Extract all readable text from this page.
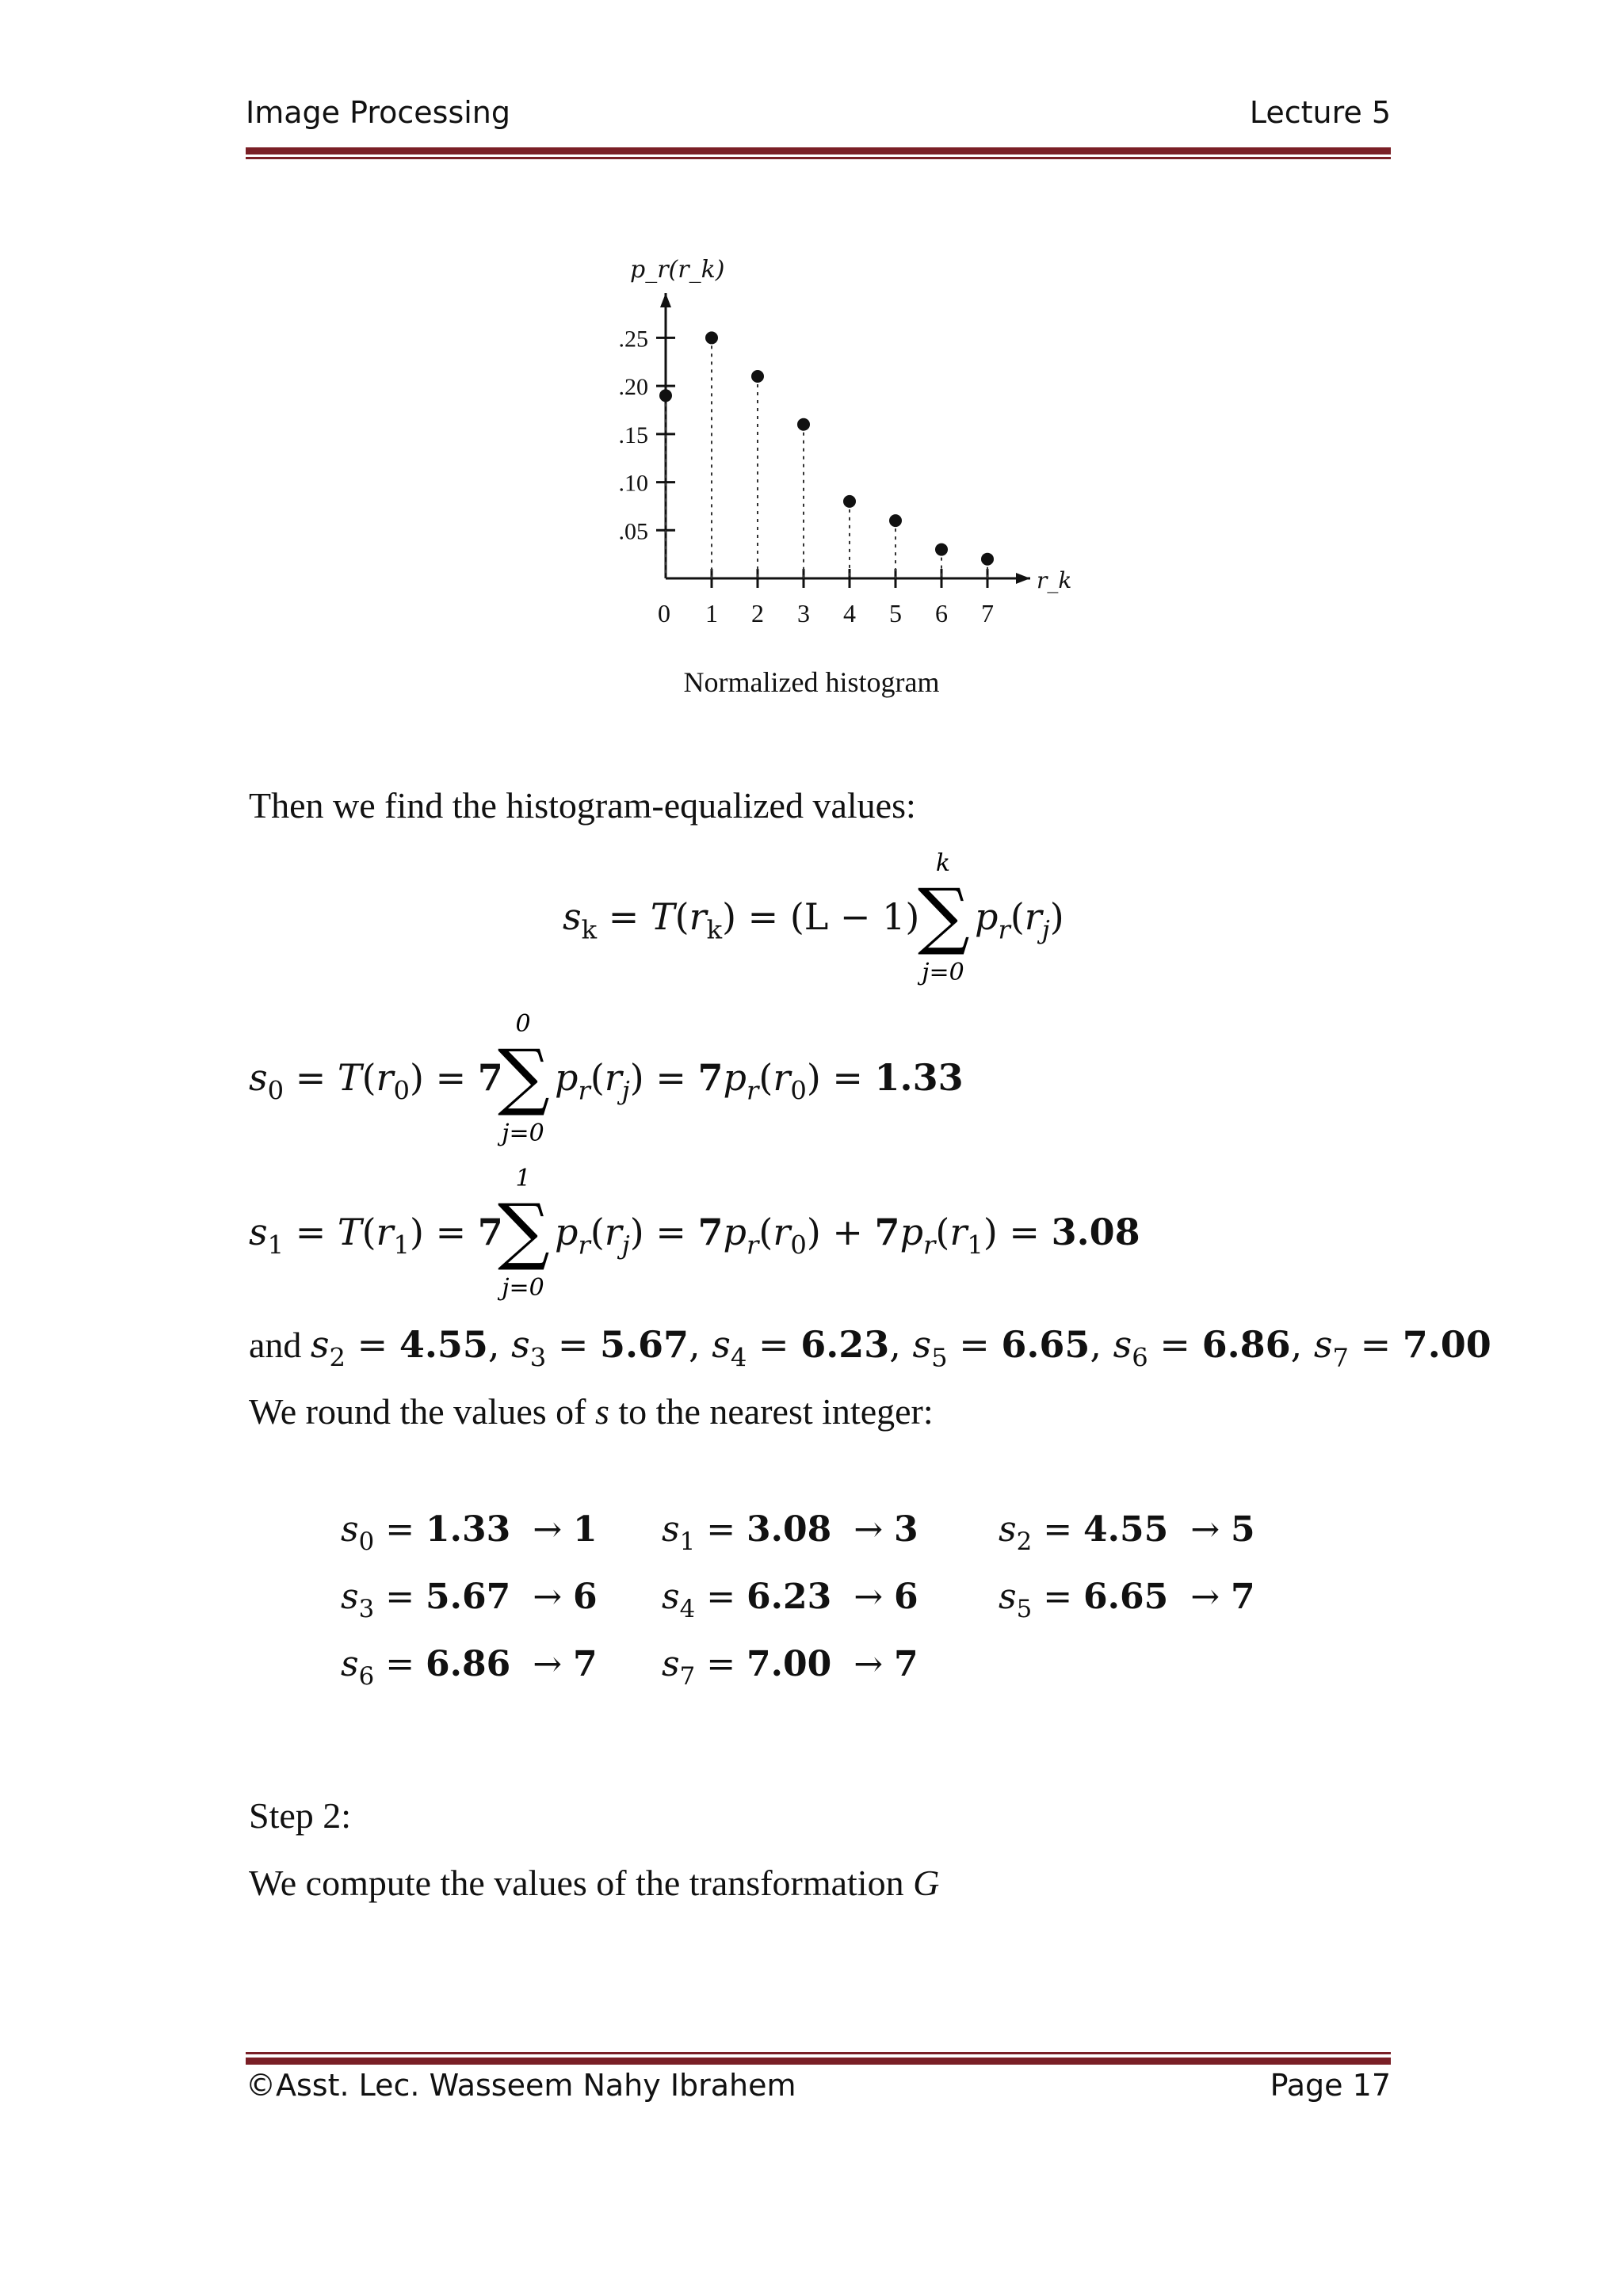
Image Processing	Lecture 5
.05
.10
.15
.20
.25
0 1 2 3 4 5 6 7
p_r(r_k)
r_k
Normalized histogram
Then we find the histogram-equalized values:
$s_k = T(r_k) = (L - 1)$
k
∑
j=0
$p_r(r_j)$
$s_0 = T(r_0) = 7$
0
∑
j=0
$p_r(r_j) = 7p_r(r_0) = 1.33$
$s_1 = T(r_1) = 7$
1
∑
j=0
$p_r(r_j) = 7p_r(r_0) + 7p_r(r_1) = 3.08$
and $s_2 = 4.55$, $s_3 = 5.67$, $s_4 = 6.23$, $s_5 = 6.65$, $s_6 = 6.86$, $s_7 = 7.00$
We round the values of s to the nearest integer:
$s_0 = 1.33 \to 1$ $s_1 = 3.08 \to 3$ $s_2 = 4.55 \to 5$
$s_3 = 5.67 \to 6$ $s_4 = 6.23 \to 6$ $s_5 = 6.65 \to 7$
$s_6 = 6.86 \to 7$ $s_7 = 7.00 \to 7$
Step 2:
We compute the values of the transformation G
©Asst. Lec. Wasseem Nahy Ibrahem	Page 17
